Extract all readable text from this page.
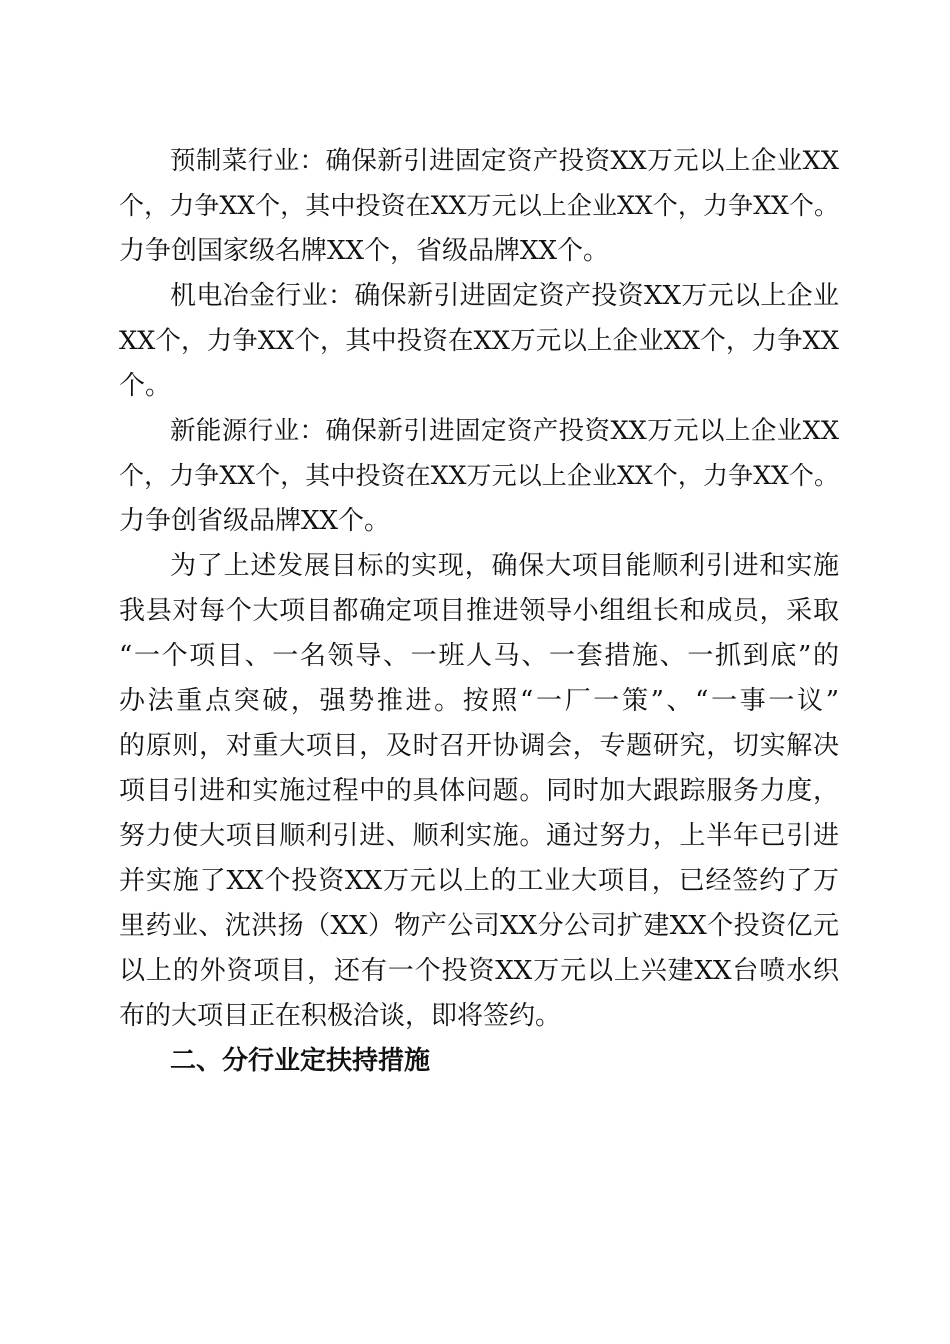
预制菜行业：确保新引进固定资产投资XX万元以上企业XX
个，力争XX个，其中投资在XX万元以上企业XX个，力争XX个。
力争创国家级名牌XX个，省级品牌XX个。
机电冶金行业：确保新引进固定资产投资XX万元以上企业
XX个，力争XX个，其中投资在XX万元以上企业XX个，力争XX
个。
新能源行业：确保新引进固定资产投资XX万元以上企业XX
个，力争XX个，其中投资在XX万元以上企业XX个，力争XX个。
力争创省级品牌XX个。
为了上述发展目标的实现，确保大项目能顺利引进和实施
我县对每个大项目都确定项目推进领导小组组长和成员，采取
“一个项目、一名领导、一班人马、一套措施、一抓到底”的
办法重点突破，强势推进。按照“一厂一策”、“一事一议”
的原则，对重大项目，及时召开协调会，专题研究，切实解决
项目引进和实施过程中的具体问题。同时加大跟踪服务力度，
努力使大项目顺利引进、顺利实施。通过努力，上半年已引进
并实施了XX个投资XX万元以上的工业大项目，已经签约了万
里药业、沈洪扬（XX）物产公司XX分公司扩建XX个投资亿元
以上的外资项目，还有一个投资XX万元以上兴建XX台喷水织
布的大项目正在积极洽谈，即将签约。
二、分行业定扶持措施
